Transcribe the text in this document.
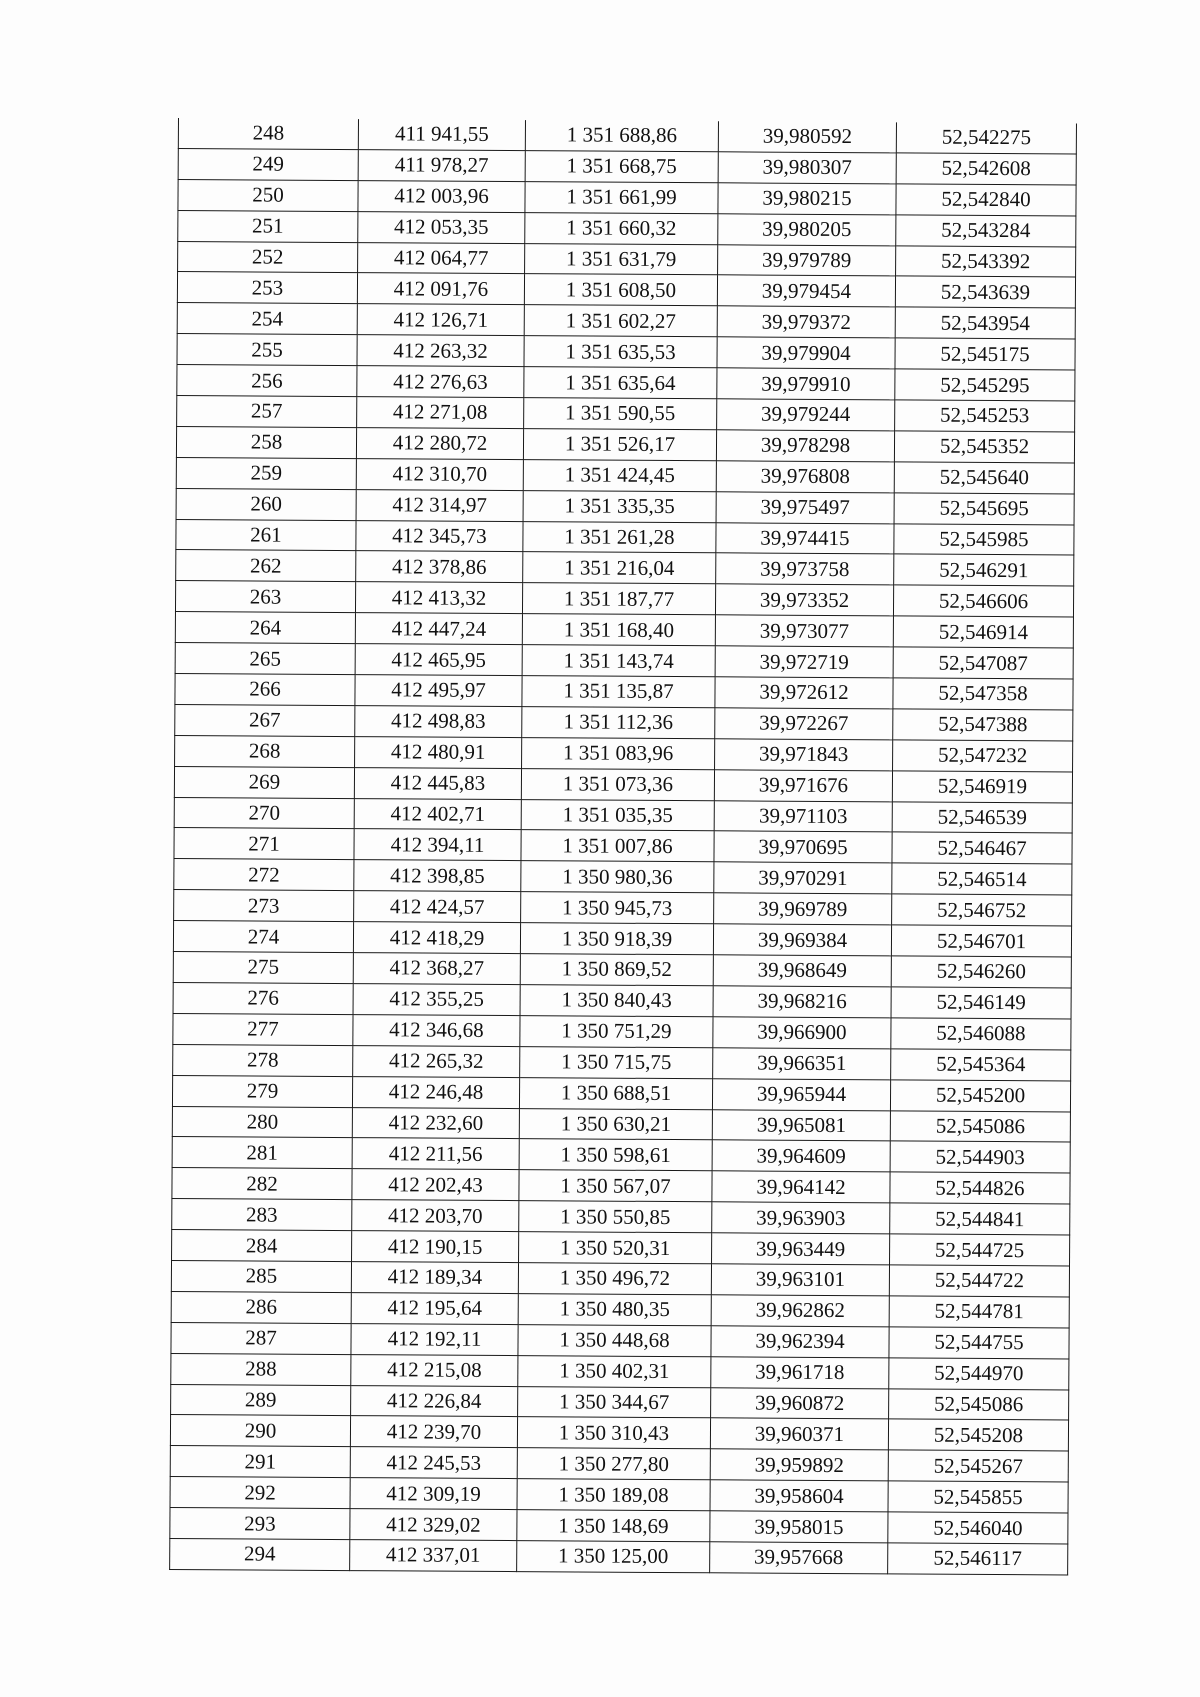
248	411 941,55	1 351 688,86	39,980592	52,542275
249	411 978,27	1 351 668,75	39,980307	52,542608
250	412 003,96	1 351 661,99	39,980215	52,542840
251	412 053,35	1 351 660,32	39,980205	52,543284
252	412 064,77	1 351 631,79	39,979789	52,543392
253	412 091,76	1 351 608,50	39,979454	52,543639
254	412 126,71	1 351 602,27	39,979372	52,543954
255	412 263,32	1 351 635,53	39,979904	52,545175
256	412 276,63	1 351 635,64	39,979910	52,545295
257	412 271,08	1 351 590,55	39,979244	52,545253
258	412 280,72	1 351 526,17	39,978298	52,545352
259	412 310,70	1 351 424,45	39,976808	52,545640
260	412 314,97	1 351 335,35	39,975497	52,545695
261	412 345,73	1 351 261,28	39,974415	52,545985
262	412 378,86	1 351 216,04	39,973758	52,546291
263	412 413,32	1 351 187,77	39,973352	52,546606
264	412 447,24	1 351 168,40	39,973077	52,546914
265	412 465,95	1 351 143,74	39,972719	52,547087
266	412 495,97	1 351 135,87	39,972612	52,547358
267	412 498,83	1 351 112,36	39,972267	52,547388
268	412 480,91	1 351 083,96	39,971843	52,547232
269	412 445,83	1 351 073,36	39,971676	52,546919
270	412 402,71	1 351 035,35	39,971103	52,546539
271	412 394,11	1 351 007,86	39,970695	52,546467
272	412 398,85	1 350 980,36	39,970291	52,546514
273	412 424,57	1 350 945,73	39,969789	52,546752
274	412 418,29	1 350 918,39	39,969384	52,546701
275	412 368,27	1 350 869,52	39,968649	52,546260
276	412 355,25	1 350 840,43	39,968216	52,546149
277	412 346,68	1 350 751,29	39,966900	52,546088
278	412 265,32	1 350 715,75	39,966351	52,545364
279	412 246,48	1 350 688,51	39,965944	52,545200
280	412 232,60	1 350 630,21	39,965081	52,545086
281	412 211,56	1 350 598,61	39,964609	52,544903
282	412 202,43	1 350 567,07	39,964142	52,544826
283	412 203,70	1 350 550,85	39,963903	52,544841
284	412 190,15	1 350 520,31	39,963449	52,544725
285	412 189,34	1 350 496,72	39,963101	52,544722
286	412 195,64	1 350 480,35	39,962862	52,544781
287	412 192,11	1 350 448,68	39,962394	52,544755
288	412 215,08	1 350 402,31	39,961718	52,544970
289	412 226,84	1 350 344,67	39,960872	52,545086
290	412 239,70	1 350 310,43	39,960371	52,545208
291	412 245,53	1 350 277,80	39,959892	52,545267
292	412 309,19	1 350 189,08	39,958604	52,545855
293	412 329,02	1 350 148,69	39,958015	52,546040
294	412 337,01	1 350 125,00	39,957668	52,546117
